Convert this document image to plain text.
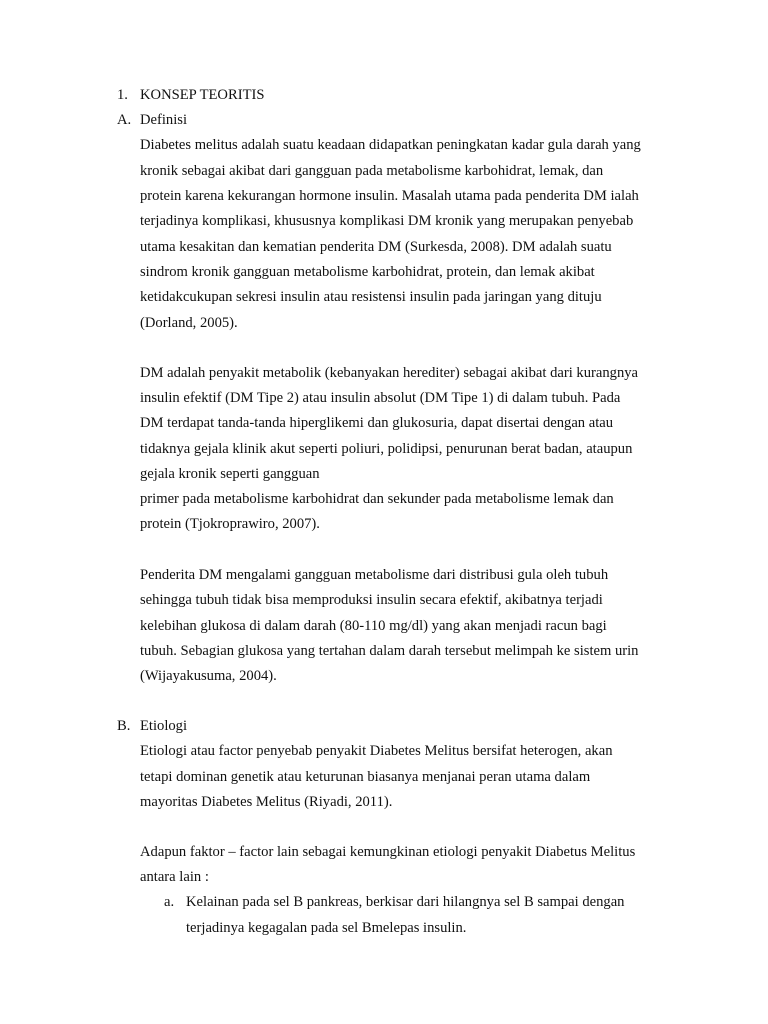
1. KONSEP TEORITIS
A. Definisi
Diabetes melitus adalah suatu keadaan didapatkan peningkatan kadar gula darah yang
kronik sebagai akibat dari gangguan pada metabolisme karbohidrat, lemak, dan
protein karena kekurangan hormone insulin. Masalah utama pada penderita DM ialah
terjadinya komplikasi, khususnya komplikasi DM kronik yang merupakan penyebab
utama kesakitan dan kematian penderita DM (Surkesda, 2008). DM adalah suatu
sindrom kronik gangguan metabolisme karbohidrat, protein, dan lemak akibat
ketidakcukupan sekresi insulin atau resistensi insulin pada jaringan yang dituju
(Dorland, 2005).
DM adalah penyakit metabolik (kebanyakan herediter) sebagai akibat dari kurangnya
insulin efektif (DM Tipe 2) atau insulin absolut (DM Tipe 1) di dalam tubuh. Pada
DM terdapat tanda-tanda hiperglikemi dan glukosuria, dapat disertai dengan atau
tidaknya gejala klinik akut seperti poliuri, polidipsi, penurunan berat badan, ataupun
gejala kronik seperti gangguan
primer pada metabolisme karbohidrat dan sekunder pada metabolisme lemak dan
protein (Tjokroprawiro, 2007).
Penderita DM mengalami gangguan metabolisme dari distribusi gula oleh tubuh
sehingga tubuh tidak bisa memproduksi insulin secara efektif, akibatnya terjadi
kelebihan glukosa di dalam darah (80-110 mg/dl) yang akan menjadi racun bagi
tubuh. Sebagian glukosa yang tertahan dalam darah tersebut melimpah ke sistem urin
(Wijayakusuma, 2004).
B. Etiologi
Etiologi atau factor penyebab penyakit Diabetes Melitus bersifat heterogen, akan
tetapi dominan genetik atau keturunan biasanya menjanai peran utama dalam
mayoritas Diabetes Melitus (Riyadi, 2011).
Adapun faktor – factor lain sebagai kemungkinan etiologi penyakit Diabetus Melitus
antara lain :
a. Kelainan pada sel B pankreas, berkisar dari hilangnya sel B sampai dengan
terjadinya kegagalan pada sel Bmelepas insulin.
